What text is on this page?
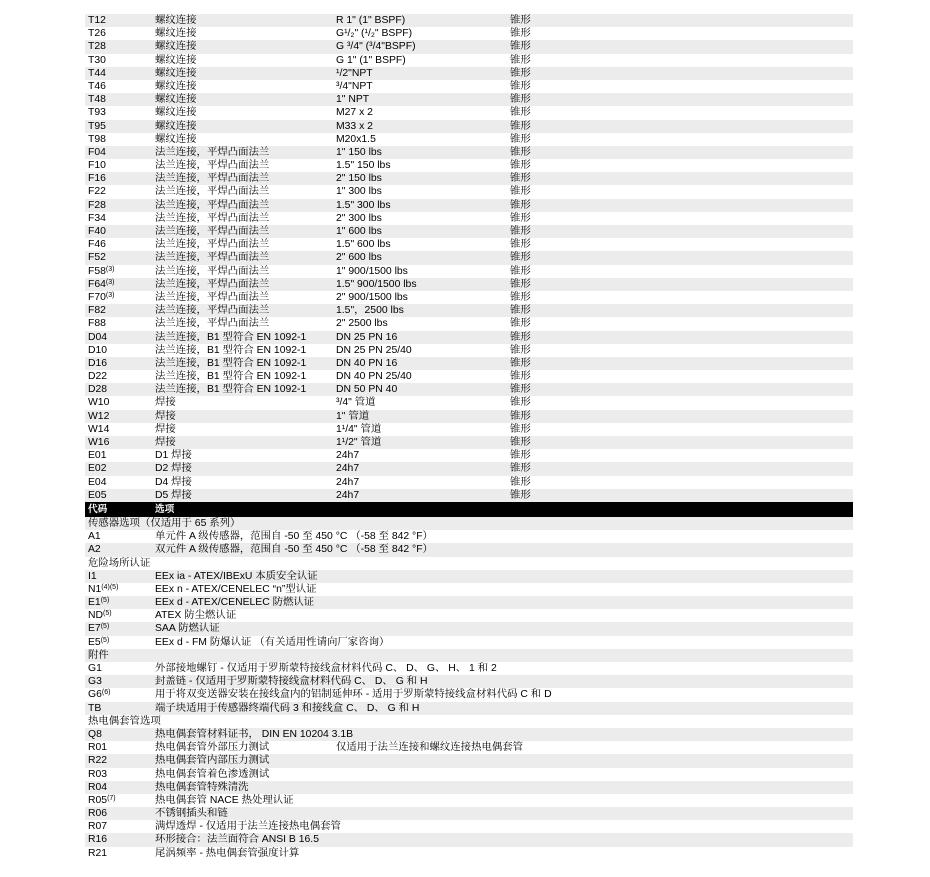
T12	螺纹连接	R 1" (1" BSPF)	锥形
T26	螺纹连接	G¹/₂" (¹/₂" BSPF)	锥形
T28	螺纹连接	G ³/4" (³/4"BSPF)	锥形
T30	螺纹连接	G 1" (1" BSPF)	锥形
T44	螺纹连接	¹/2"NPT	锥形
T46	螺纹连接	³/4"NPT	锥形
T48	螺纹连接	1" NPT	锥形
T93	螺纹连接	M27 x 2	锥形
T95	螺纹连接	M33 x 2	锥形
T98	螺纹连接	M20x1.5	锥形
F04	法兰连接，平焊凸面法兰	1" 150 lbs	锥形
F10	法兰连接，平焊凸面法兰	1.5" 150 lbs	锥形
F16	法兰连接，平焊凸面法兰	2" 150 lbs	锥形
F22	法兰连接，平焊凸面法兰	1" 300 lbs	锥形
F28	法兰连接，平焊凸面法兰	1.5" 300 lbs	锥形
F34	法兰连接，平焊凸面法兰	2" 300 lbs	锥形
F40	法兰连接，平焊凸面法兰	1" 600 lbs	锥形
F46	法兰连接，平焊凸面法兰	1.5" 600 lbs	锥形
F52	法兰连接，平焊凸面法兰	2" 600 lbs	锥形
F58$^{(3)}$	法兰连接，平焊凸面法兰	1" 900/1500 lbs	锥形
F64$^{(3)}$	法兰连接，平焊凸面法兰	1.5" 900/1500 lbs	锥形
F70$^{(3)}$	法兰连接，平焊凸面法兰	2" 900/1500 lbs	锥形
F82	法兰连接，平焊凸面法兰	1.5"，2500 lbs	锥形
F88	法兰连接，平焊凸面法兰	2" 2500 lbs	锥形
D04	法兰连接，B1 型符合 EN 1092-1	DN 25 PN 16	锥形
D10	法兰连接，B1 型符合 EN 1092-1	DN 25 PN 25/40	锥形
D16	法兰连接，B1 型符合 EN 1092-1	DN 40 PN 16	锥形
D22	法兰连接，B1 型符合 EN 1092-1	DN 40 PN 25/40	锥形
D28	法兰连接，B1 型符合 EN 1092-1	DN 50 PN 40	锥形
W10	焊接	³/4" 管道	锥形
W12	焊接	1" 管道	锥形
W14	焊接	1¹/4" 管道	锥形
W16	焊接	1¹/2" 管道	锥形
E01	D1 焊接	24h7	锥形
E02	D2 焊接	24h7	锥形
E04	D4 焊接	24h7	锥形
E05	D5 焊接	24h7	锥形
代码	选项
传感器选项（仅适用于 65 系列）
A1	单元件 A 级传感器，范围自 -50 至 450 °C （-58 至 842 °F）
A2	双元件 A 级传感器，范围自 -50 至 450 °C （-58 至 842 °F）
危险场所认证
I1	EEx ia - ATEX/IBExU 本质安全认证
$N1^{(4)(5)}$	EEx n - ATEX/CENELEC “n”型认证
E1$^{(5)}$	EEx d - ATEX/CENELEC 防燃认证
ND$^{(5)}$	ATEX 防尘燃认证
E7$^{(5)}$	SAA 防燃认证
E5$^{(5)}$	EEx d - FM 防爆认证 （有关适用性请向厂家咨询）
附件
G1	外部接地螺钉 - 仅适用于罗斯蒙特接线盒材料代码 C、 D、 G、 H、 1 和 2
G3	封盖链 - 仅适用于罗斯蒙特接线盒材料代码 C、 D、 G 和 H
G6$^{(6)}$	用于将双变送器安装在接线盒内的铝制延伸环 - 适用于罗斯蒙特接线盒材料代码 C 和 D
TB	端子块适用于传感器终端代码 3 和接线盒 C、 D、 G 和 H
热电偶套管选项
Q8	热电偶套管材料证书， DIN EN 10204 3.1B
R01	热电偶套管外部压力测试	仅适用于法兰连接和螺纹连接热电偶套管
R22	热电偶套管内部压力测试
R03	热电偶套管着色渗透测试
R04	热电偶套管特殊清洗
R05$^{(7)}$	热电偶套管 NACE 热处理认证
R06	不锈钢插头和链
R07	满焊透焊 - 仅适用于法兰连接热电偶套管
R16	环形接合：法兰面符合 ANSI B 16.5
R21	尾涡频率 - 热电偶套管强度计算
